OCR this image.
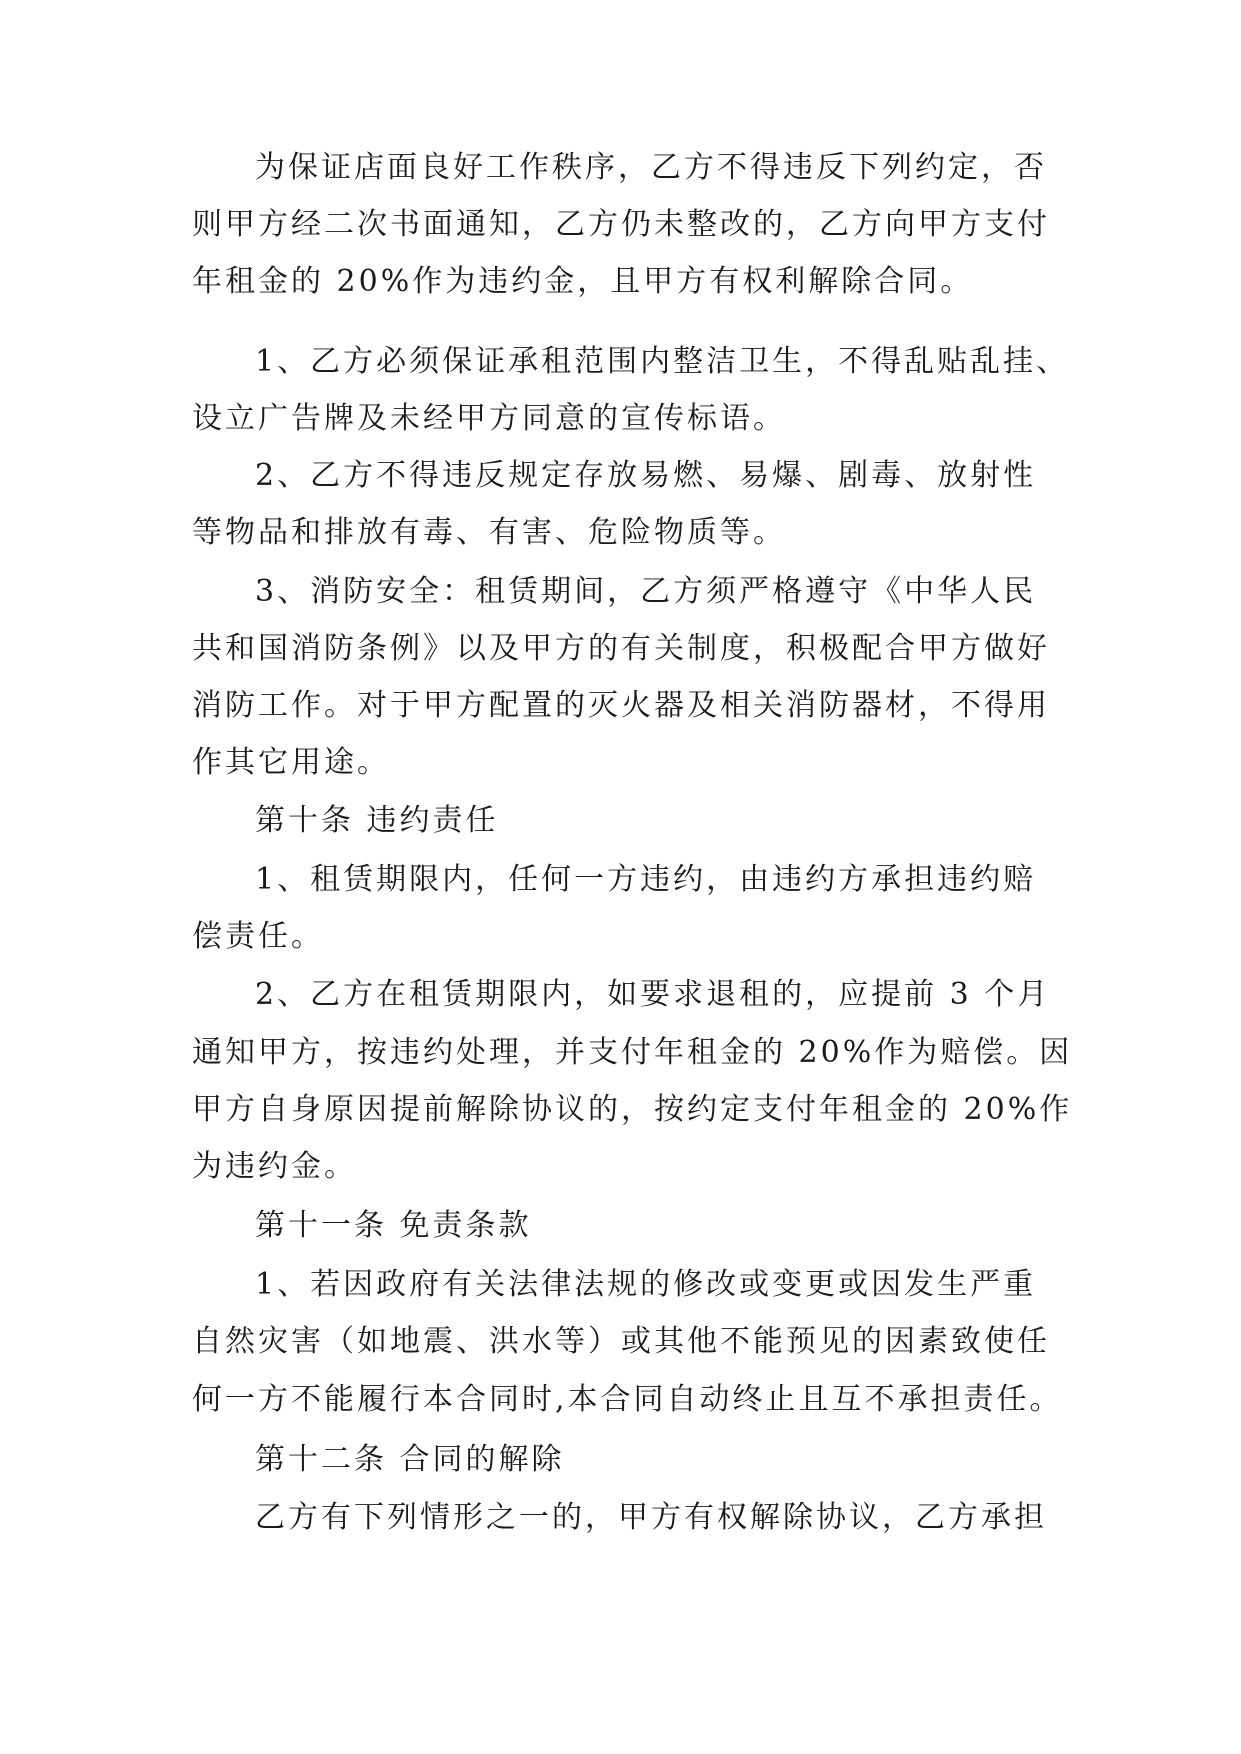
为保证店面良好工作秩序，乙方不得违反下列约定，否
则甲方经二次书面通知，乙方仍未整改的，乙方向甲方支付
年租金的 20%作为违约金，且甲方有权利解除合同。
1、乙方必须保证承租范围内整洁卫生，不得乱贴乱挂、
设立广告牌及未经甲方同意的宣传标语。
2、乙方不得违反规定存放易燃、易爆、剧毒、放射性
等物品和排放有毒、有害、危险物质等。
3、消防安全：租赁期间，乙方须严格遵守《中华人民
共和国消防条例》以及甲方的有关制度，积极配合甲方做好
消防工作。对于甲方配置的灭火器及相关消防器材，不得用
作其它用途。
第十条 违约责任
1、租赁期限内，任何一方违约，由违约方承担违约赔
偿责任。
2、乙方在租赁期限内，如要求退租的，应提前 3 个月
通知甲方，按违约处理，并支付年租金的 20%作为赔偿。因
甲方自身原因提前解除协议的，按约定支付年租金的 20%作
为违约金。
第十一条 免责条款
1、若因政府有关法律法规的修改或变更或因发生严重
自然灾害（如地震、洪水等）或其他不能预见的因素致使任
何一方不能履行本合同时,本合同自动终止且互不承担责任。
第十二条 合同的解除
乙方有下列情形之一的，甲方有权解除协议，乙方承担
